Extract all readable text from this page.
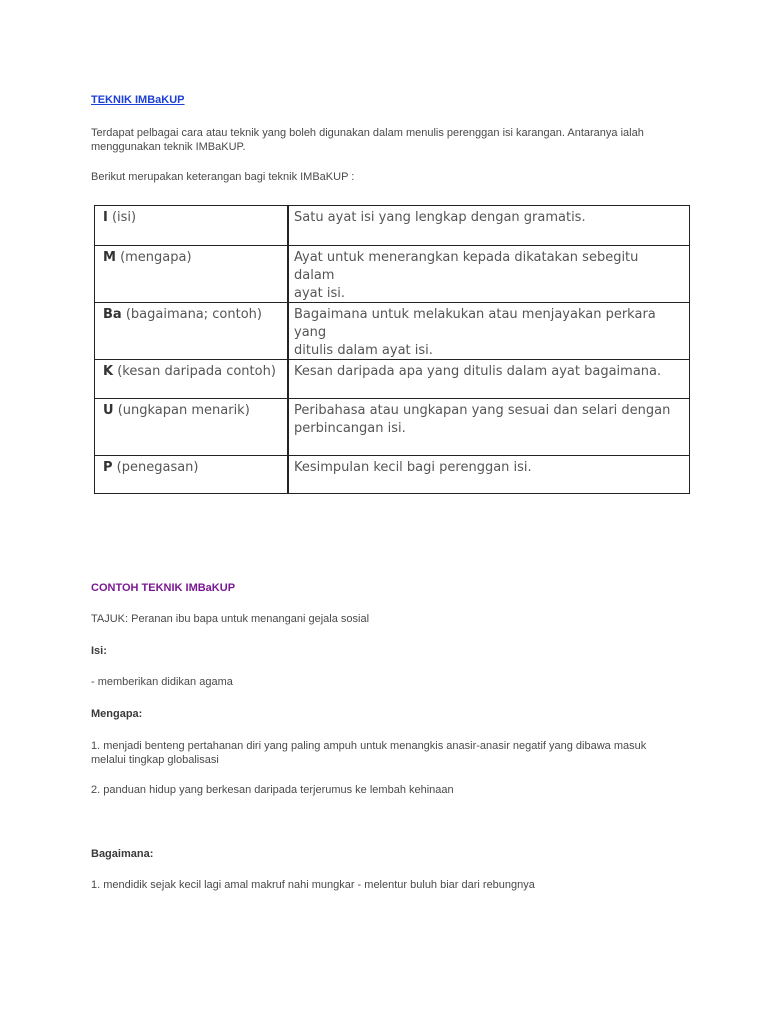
TEKNIK IMBaKUP
Terdapat pelbagai cara atau teknik yang boleh digunakan dalam menulis perenggan isi karangan. Antaranya ialah
menggunakan teknik IMBaKUP.
Berikut merupakan keterangan bagi teknik IMBaKUP :
I (isi)	Satu ayat isi yang lengkap dengan gramatis.
M (mengapa)	Ayat untuk menerangkan kepada dikatakan sebegitu dalam
ayat isi.
Ba (bagaimana; contoh)	Bagaimana untuk melakukan atau menjayakan perkara yang
ditulis dalam ayat isi.
K (kesan daripada contoh)	Kesan daripada apa yang ditulis dalam ayat bagaimana.
U (ungkapan menarik)	Peribahasa atau ungkapan yang sesuai dan selari dengan
perbincangan isi.
P (penegasan)	Kesimpulan kecil bagi perenggan isi.
CONTOH TEKNIK IMBaKUP
TAJUK: Peranan ibu bapa untuk menangani gejala sosial
Isi:
- memberikan didikan agama
Mengapa:
1. menjadi benteng pertahanan diri yang paling ampuh untuk menangkis anasir-anasir negatif yang dibawa masuk
melalui tingkap globalisasi
2. panduan hidup yang berkesan daripada terjerumus ke lembah kehinaan
Bagaimana:
1. mendidik sejak kecil lagi amal makruf nahi mungkar - melentur buluh biar dari rebungnya
